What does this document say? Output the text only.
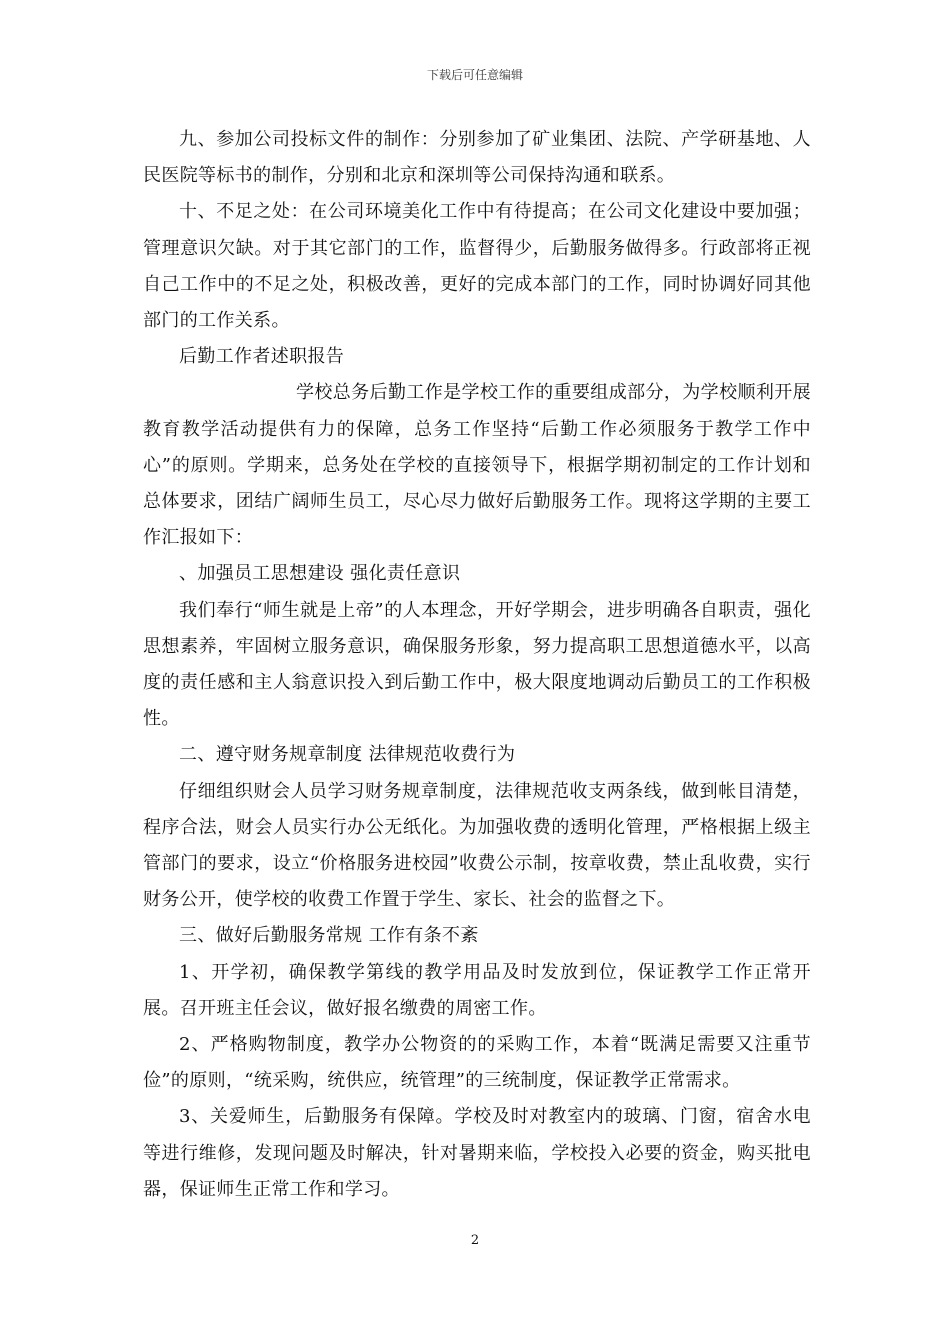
下载后可任意编辑

九、参加公司投标文件的制作：分别参加了矿业集团、法院、产学研基地、人民医院等标书的制作，分别和北京和深圳等公司保持沟通和联系。

十、不足之处：在公司环境美化工作中有待提高；在公司文化建设中要加强；管理意识欠缺。对于其它部门的工作，监督得少，后勤服务做得多。行政部将正视自己工作中的不足之处，积极改善，更好的完成本部门的工作，同时协调好同其他部门的工作关系。

后勤工作者述职报告

学校总务后勤工作是学校工作的重要组成部分，为学校顺利开展教育教学活动提供有力的保障，总务工作坚持“后勤工作必须服务于教学工作中心”的原则。学期来，总务处在学校的直接领导下，根据学期初制定的工作计划和总体要求，团结广阔师生员工，尽心尽力做好后勤服务工作。现将这学期的主要工作汇报如下：

、加强员工思想建设 强化责任意识

我们奉行“师生就是上帝”的人本理念，开好学期会，进步明确各自职责，强化思想素养，牢固树立服务意识，确保服务形象，努力提高职工思想道德水平，以高度的责任感和主人翁意识投入到后勤工作中，极大限度地调动后勤员工的工作积极性。

二、遵守财务规章制度 法律规范收费行为

仔细组织财会人员学习财务规章制度，法律规范收支两条线，做到帐目清楚，程序合法，财会人员实行办公无纸化。为加强收费的透明化管理，严格根据上级主管部门的要求，设立“价格服务进校园”收费公示制，按章收费，禁止乱收费，实行财务公开，使学校的收费工作置于学生、家长、社会的监督之下。

三、做好后勤服务常规 工作有条不紊

1、开学初，确保教学第线的教学用品及时发放到位，保证教学工作正常开展。召开班主任会议，做好报名缴费的周密工作。

2、严格购物制度，教学办公物资的的采购工作，本着“既满足需要又注重节俭”的原则，“统采购，统供应，统管理”的三统制度，保证教学正常需求。

3、关爱师生，后勤服务有保障。学校及时对教室内的玻璃、门窗，宿舍水电等进行维修，发现问题及时解决，针对暑期来临，学校投入必要的资金，购买批电器，保证师生正常工作和学习。

2
